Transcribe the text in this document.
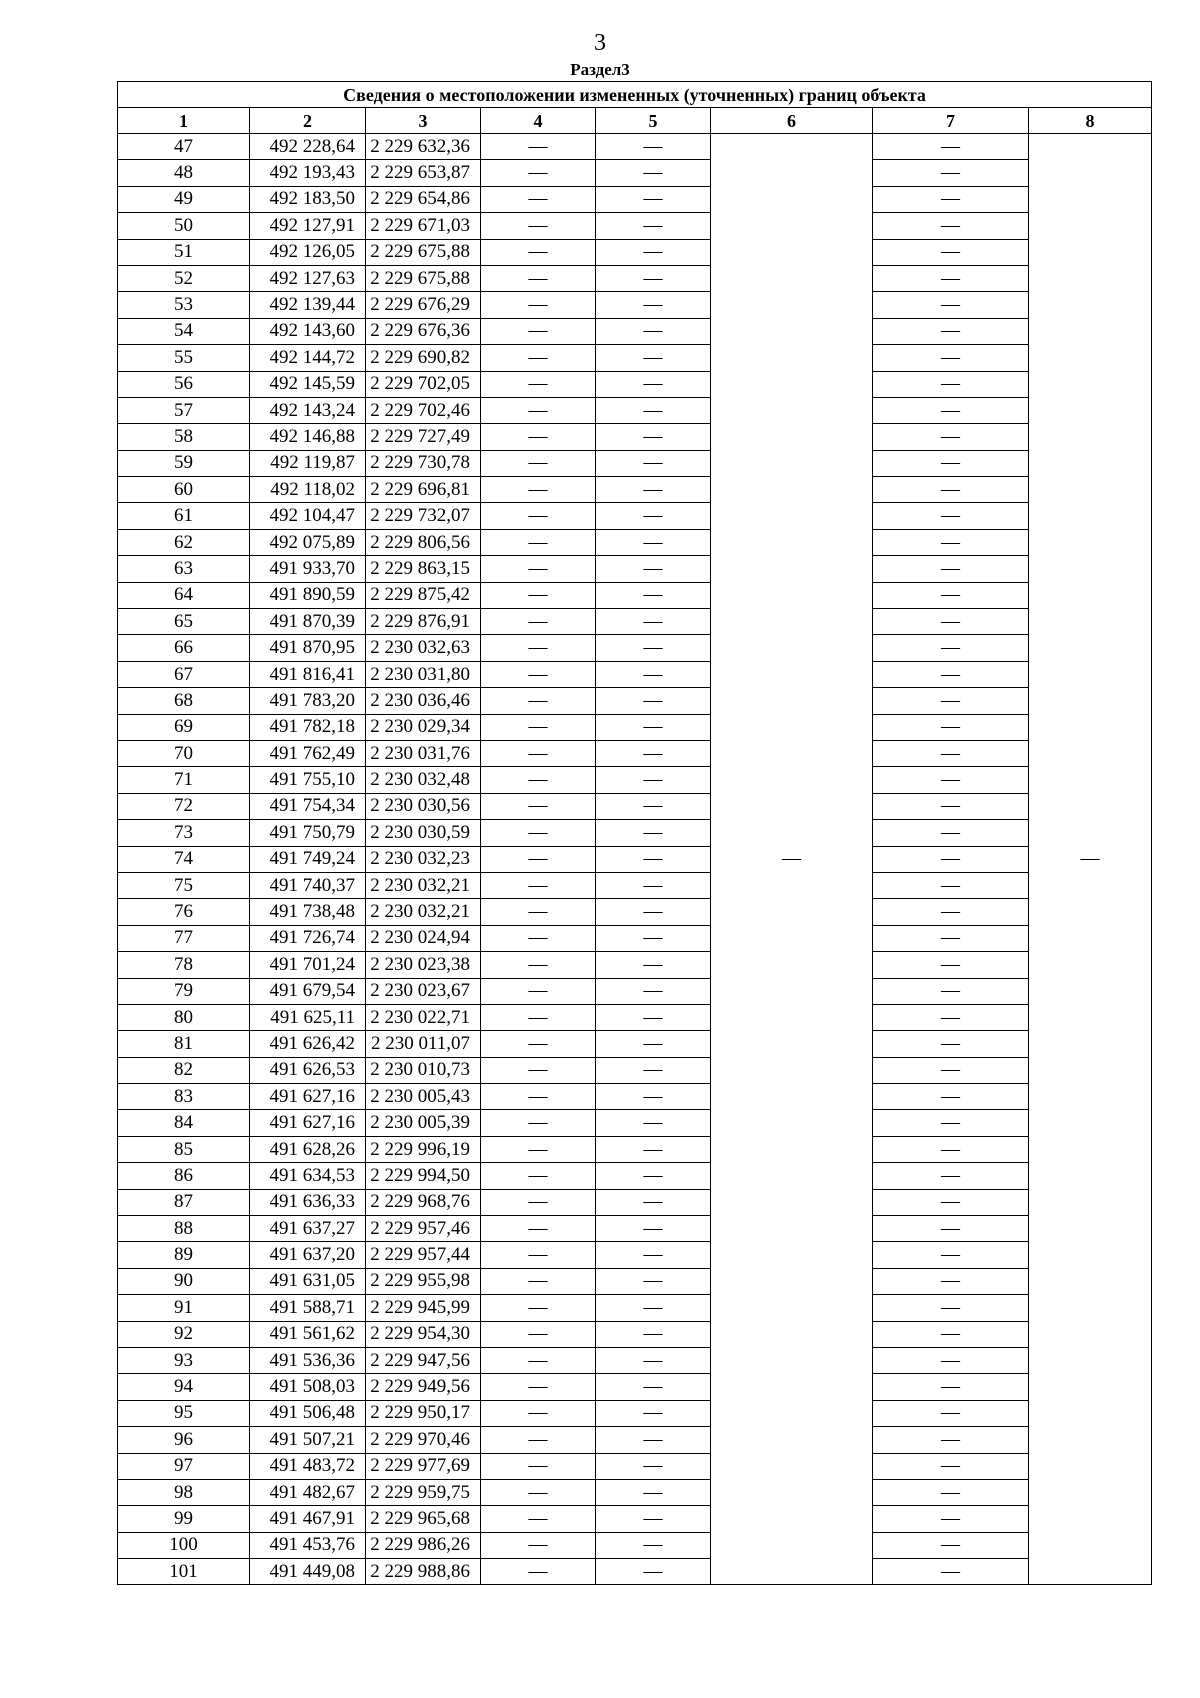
3
Раздел3
Сведения о местоположении измененных (уточненных) границ объекта							
1	2	3	4	5	6	7	8
47	492 228,64	2 229 632,36	—	—	—	—	—
48	492 193,43	2 229 653,87	—	—		—	
49	492 183,50	2 229 654,86	—	—		—	
50	492 127,91	2 229 671,03	—	—		—	
51	492 126,05	2 229 675,88	—	—		—	
52	492 127,63	2 229 675,88	—	—		—	
53	492 139,44	2 229 676,29	—	—		—	
54	492 143,60	2 229 676,36	—	—		—	
55	492 144,72	2 229 690,82	—	—		—	
56	492 145,59	2 229 702,05	—	—		—	
57	492 143,24	2 229 702,46	—	—		—	
58	492 146,88	2 229 727,49	—	—		—	
59	492 119,87	2 229 730,78	—	—		—	
60	492 118,02	2 229 696,81	—	—		—	
61	492 104,47	2 229 732,07	—	—		—	
62	492 075,89	2 229 806,56	—	—		—	
63	491 933,70	2 229 863,15	—	—		—	
64	491 890,59	2 229 875,42	—	—		—	
65	491 870,39	2 229 876,91	—	—		—	
66	491 870,95	2 230 032,63	—	—		—	
67	491 816,41	2 230 031,80	—	—		—	
68	491 783,20	2 230 036,46	—	—		—	
69	491 782,18	2 230 029,34	—	—		—	
70	491 762,49	2 230 031,76	—	—		—	
71	491 755,10	2 230 032,48	—	—		—	
72	491 754,34	2 230 030,56	—	—		—	
73	491 750,79	2 230 030,59	—	—		—	
74	491 749,24	2 230 032,23	—	—		—	
75	491 740,37	2 230 032,21	—	—		—	
76	491 738,48	2 230 032,21	—	—		—	
77	491 726,74	2 230 024,94	—	—		—	
78	491 701,24	2 230 023,38	—	—		—	
79	491 679,54	2 230 023,67	—	—		—	
80	491 625,11	2 230 022,71	—	—		—	
81	491 626,42	2 230 011,07	—	—		—	
82	491 626,53	2 230 010,73	—	—		—	
83	491 627,16	2 230 005,43	—	—		—	
84	491 627,16	2 230 005,39	—	—		—	
85	491 628,26	2 229 996,19	—	—		—	
86	491 634,53	2 229 994,50	—	—		—	
87	491 636,33	2 229 968,76	—	—		—	
88	491 637,27	2 229 957,46	—	—		—	
89	491 637,20	2 229 957,44	—	—		—	
90	491 631,05	2 229 955,98	—	—		—	
91	491 588,71	2 229 945,99	—	—		—	
92	491 561,62	2 229 954,30	—	—		—	
93	491 536,36	2 229 947,56	—	—		—	
94	491 508,03	2 229 949,56	—	—		—	
95	491 506,48	2 229 950,17	—	—		—	
96	491 507,21	2 229 970,46	—	—		—	
97	491 483,72	2 229 977,69	—	—		—	
98	491 482,67	2 229 959,75	—	—		—	
99	491 467,91	2 229 965,68	—	—		—	
100	491 453,76	2 229 986,26	—	—		—	
101	491 449,08	2 229 988,86	—	—		—	
